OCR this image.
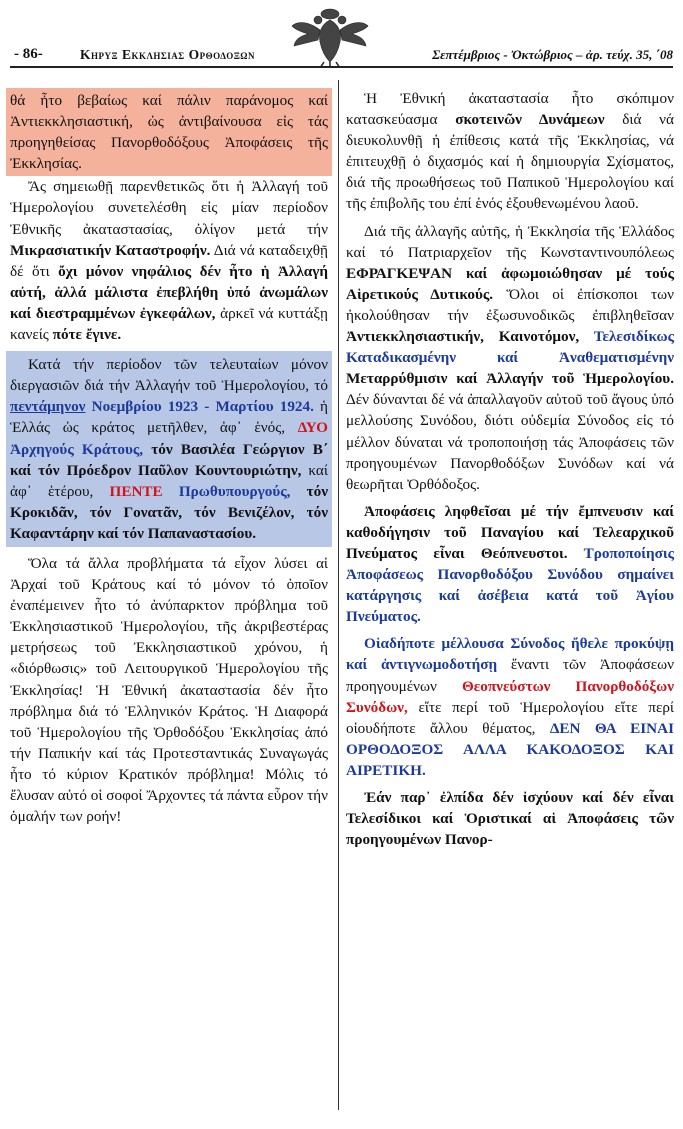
- 86-	Κηρυξ Εκκλησιασ Ορθοδοξων	Σεπτέμβριος - Ὀκτώβριος – ἀρ. τεύχ. 35, ΄08
θά ἦτο βεβαίως καί πάλιν παράνομος καί Ἀντιεκκλησιαστική, ὡς ἀντιβαίνουσα εἰς τάς προηγηθείσας Πανορθοδόξους Ἀποφάσεις τῆς Ἐκκλησίας.

Ἄς σημειωθῇ παρενθετικῶς ὅτι ἡ Ἀλλαγή τοῦ Ἡμερολογίου συνετελέσθη εἰς μίαν περίοδον Ἐθνικῆς ἀκαταστασίας, ὀλίγον μετά τήν Μικρασιατικήν Καταστροφήν. Διά νά καταδειχθῇ δέ ὅτι ὄχι μόνον νηφάλιος δέν ἦτο ἡ Ἀλλαγή αὐτή, ἀλλά μάλιστα ἐπεβλήθη ὑπό ἀνωμάλων καί διεστραμμένων ἐγκεφάλων, ἀρκεῖ νά κυττάξῃ κανείς πότε ἔγινε.

Κατά τήν περίοδον τῶν τελευταίων μόνον διεργασιῶν διά τήν Ἀλλαγήν τοῦ Ἡμερολογίου, τό πεντάμηνον Νοεμβρίου 1923 - Μαρτίου 1924. ἡ Ἑλλάς ὡς κράτος μετῆλθεν, ἀφ᾿ ἑνός, ΔΥΟ Ἀρχηγούς Κράτους, τόν Βασιλέα Γεώργιον Β΄ καί τόν Πρόεδρον Παῦλον Κουντουριώτην, καί ἀφ᾿ ἑτέρου, ΠΕΝΤΕ Πρωθυπουργούς, τόν Κροκιδᾶν, τόν Γονατᾶν, τόν Βενιζέλον, τόν Καφαντάρην καί τόν Παπαναστασίου.

Ὅλα τά ἄλλα προβλήματα τά εἶχον λύσει αἱ Ἀρχαί τοῦ Κράτους καί τό μόνον τό ὁποῖον ἐναπέμεινεν ἦτο τό ἀνύπαρκτον πρόβλημα τοῦ Ἐκκλησιαστικοῦ Ἡμερολογίου, τῆς ἀκριβεστέρας μετρήσεως τοῦ Ἐκκλησιαστικοῦ χρόνου, ἡ «διόρθωσις» τοῦ Λειτουργικοῦ Ἡμερολογίου τῆς Ἐκκλησίας! Ἡ Ἐθνική ἀκαταστασία δέν ἦτο πρόβλημα διά τό Ἑλληνικόν Κράτος. Ἡ Διαφορά τοῦ Ἡμερολογίου τῆς Ὀρθοδόξου Ἐκκλησίας ἀπό τήν Παπικήν καί τάς Προτεσταντικάς Συναγωγάς ἦτο τό κύριον Κρατικόν πρόβλημα! Μόλις τό ἔλυσαν αὐτό οἱ σοφοί Ἄρχοντες τά πάντα εὗρον τήν ὁμαλήν των ροήν!

Ἡ Ἐθνική ἀκαταστασία ἦτο σκόπιμον κατασκεύασμα σκοτεινῶν Δυνάμεων διά νά διευκολυνθῇ ἡ ἐπίθεσις κατά τῆς Ἐκκλησίας, νά ἐπιτευχθῇ ὁ διχασμός καί ἡ δημιουργία Σχίσματος, διά τῆς προωθήσεως τοῦ Παπικοῦ Ἡμερολογίου καί τῆς ἐπιβολῆς του ἐπί ἑνός ἐξουθενωμένου λαοῦ.

Διά τῆς ἀλλαγῆς αὐτῆς, ἡ Ἐκκλησία τῆς Ἑλλάδος καί τό Πατριαρχεῖον τῆς Κωνσταντινουπόλεως ΕΦΡΑΓΚΕΨΑΝ καί ἀφωμοιώθησαν μέ τούς Αἱρετικούς Δυτικούς. Ὅλοι οἱ ἐπίσκοποι των ἠκολούθησαν τήν ἐξωσυνοδικῶς ἐπιβληθεῖσαν Ἀντιεκκλησιαστικήν, Καινοτόμον, Τελεσιδίκως Καταδικασμένην καί Ἀναθεματισμένην Μεταρρύθμισιν καί Ἀλλαγήν τοῦ Ἡμερολογίου. Δέν δύνανται δέ νά ἀπαλλαγοῦν αὐτοῦ τοῦ ἄγους ὑπό μελλούσης Συνόδου, διότι οὐδεμία Σύνοδος εἰς τό μέλλον δύναται νά τροποποιήσῃ τάς Ἀποφάσεις τῶν προηγουμένων Πανορθοδόξων Συνόδων καί νά θεωρῆται Ὀρθόδοξος.

Ἀποφάσεις ληφθεῖσαι μέ τήν ἔμπνευσιν καί καθοδήγησιν τοῦ Παναγίου καί Τελεαρχικοῦ Πνεύματος εἶναι Θεόπνευστοι. Τροποποίησις Ἀποφάσεως Πανορθοδόξου Συνόδου σημαίνει κατάργησις καί ἀσέβεια κατά τοῦ Ἁγίου Πνεύματος.

Οἱαδήποτε μέλλουσα Σύνοδος ἤθελε προκύψῃ καί ἀντιγνωμοδοτήσῃ ἔναντι τῶν Ἀποφάσεων προηγουμένων Θεοπνεύστων Πανορθοδόξων Συνόδων, εἴτε περί τοῦ Ἡμερολογίου εἴτε περί οἱουδήποτε ἄλλου θέματος, ΔΕΝ ΘΑ ΕΙΝΑΙ ΟΡΘΟΔΟΞΟΣ ΑΛΛΑ ΚΑΚΟΔΟΞΟΣ ΚΑΙ ΑΙΡΕΤΙΚΗ.

Ἐάν παρ᾿ ἐλπίδα δέν ἰσχύουν καί δέν εἶναι Τελεσίδικοι καί Ὁριστικαί αἱ Ἀποφάσεις τῶν προηγουμένων Πανορ-
